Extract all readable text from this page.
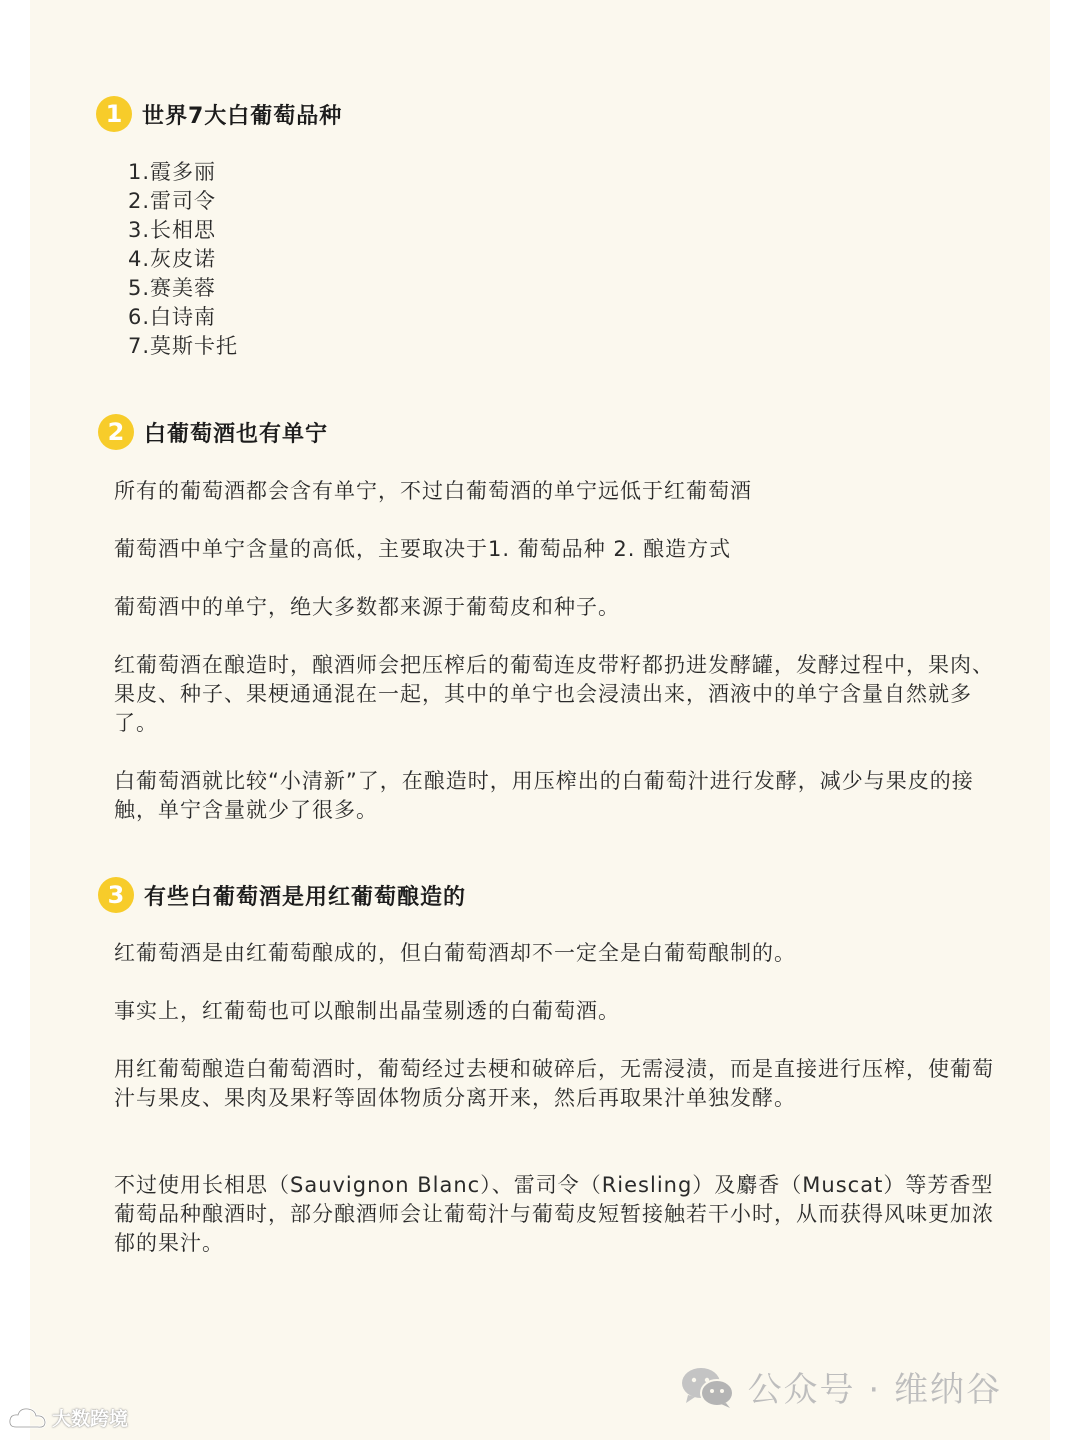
1 世界7大白葡萄品种
1.霞多丽
2.雷司令
3.长相思
4.灰皮诺
5.赛美蓉
6.白诗南
7.莫斯卡托
2 白葡萄酒也有单宁

所有的葡萄酒都会含有单宁，不过白葡萄酒的单宁远低于红葡萄酒

葡萄酒中单宁含量的高低，主要取决于1. 葡萄品种 2. 酿造方式

葡萄酒中的单宁，绝大多数都来源于葡萄皮和种子。

红葡萄酒在酿造时，酿酒师会把压榨后的葡萄连皮带籽都扔进发酵罐，发酵过程中，果肉、果皮、种子、果梗通通混在一起，其中的单宁也会浸渍出来，酒液中的单宁含量自然就多了。

白葡萄酒就比较“小清新”了，在酿造时，用压榨出的白葡萄汁进行发酵，减少与果皮的接触，单宁含量就少了很多。

3 有些白葡萄酒是用红葡萄酿造的

红葡萄酒是由红葡萄酿成的，但白葡萄酒却不一定全是白葡萄酿制的。

事实上，红葡萄也可以酿制出晶莹剔透的白葡萄酒。

用红葡萄酿造白葡萄酒时，葡萄经过去梗和破碎后，无需浸渍，而是直接进行压榨，使葡萄汁与果皮、果肉及果籽等固体物质分离开来，然后再取果汁单独发酵。

不过使用长相思（Sauvignon Blanc）、雷司令（Riesling）及麝香（Muscat）等芳香型葡萄品种酿酒时，部分酿酒师会让葡萄汁与葡萄皮短暂接触若干小时，从而获得风味更加浓郁的果汁。

公众号 · 维纳谷
大数跨境
